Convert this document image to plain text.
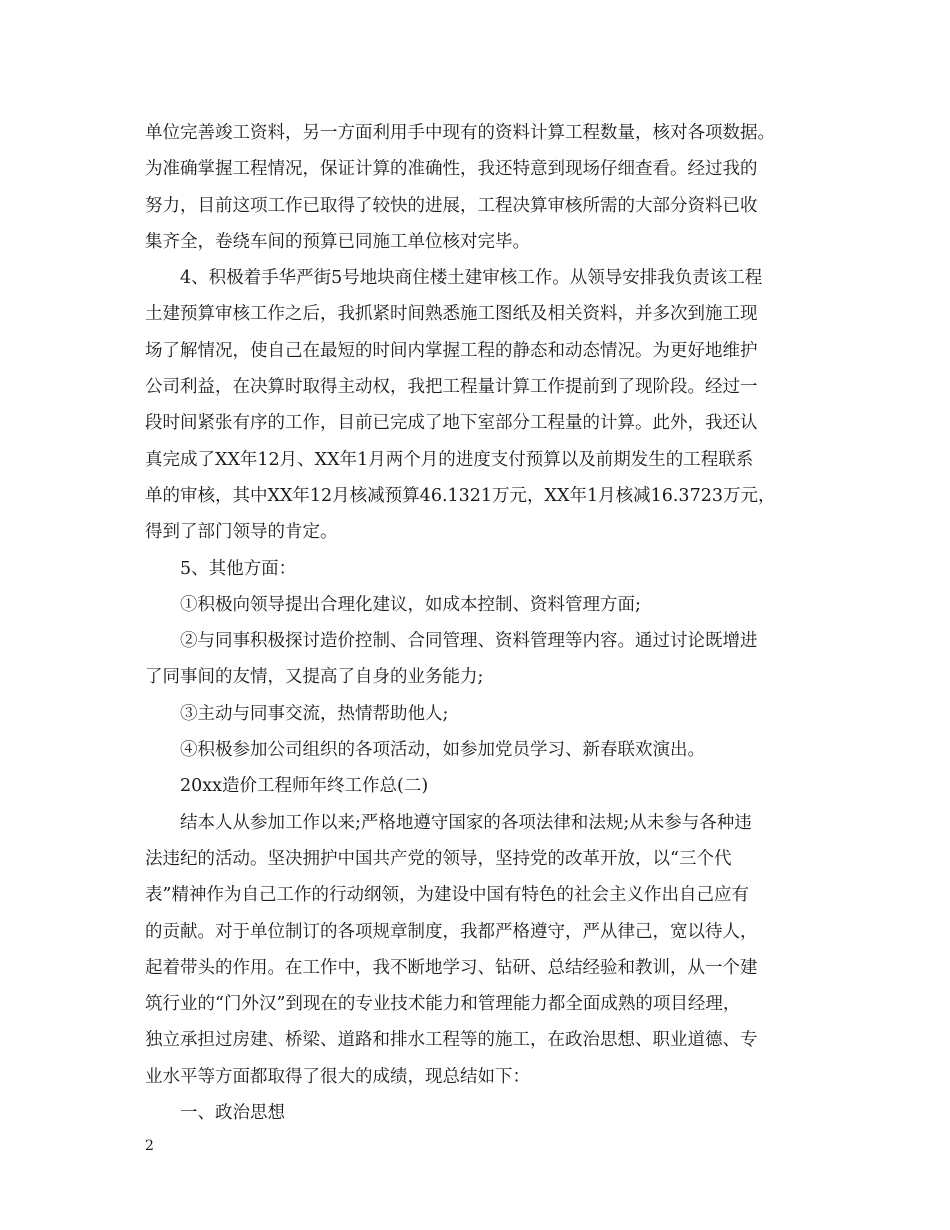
单位完善竣工资料，另一方面利用手中现有的资料计算工程数量，核对各项数据。
为准确掌握工程情况，保证计算的准确性，我还特意到现场仔细查看。经过我的
努力，目前这项工作已取得了较快的进展，工程决算审核所需的大部分资料已收
集齐全，卷绕车间的预算已同施工单位核对完毕。
4、积极着手华严街5号地块商住楼土建审核工作。从领导安排我负责该工程
土建预算审核工作之后，我抓紧时间熟悉施工图纸及相关资料，并多次到施工现
场了解情况，使自己在最短的时间内掌握工程的静态和动态情况。为更好地维护
公司利益，在决算时取得主动权，我把工程量计算工作提前到了现阶段。经过一
段时间紧张有序的工作，目前已完成了地下室部分工程量的计算。此外，我还认
真完成了XX年12月、XX年1月两个月的进度支付预算以及前期发生的工程联系
单的审核，其中XX年12月核减预算46.1321万元，XX年1月核减16.3723万元，
得到了部门领导的肯定。
5、其他方面：
①积极向领导提出合理化建议，如成本控制、资料管理方面;
②与同事积极探讨造价控制、合同管理、资料管理等内容。通过讨论既增进
了同事间的友情，又提高了自身的业务能力;
③主动与同事交流，热情帮助他人;
④积极参加公司组织的各项活动，如参加党员学习、新春联欢演出。
20xx造价工程师年终工作总(二)
结本人从参加工作以来;严格地遵守国家的各项法律和法规;从未参与各种违
法违纪的活动。坚决拥护中国共产党的领导，坚持党的改革开放，以“三个代
表”精神作为自己工作的行动纲领，为建设中国有特色的社会主义作出自己应有
的贡献。对于单位制订的各项规章制度，我都严格遵守，严从律己，宽以待人，
起着带头的作用。在工作中，我不断地学习、钻研、总结经验和教训，从一个建
筑行业的“门外汉”到现在的专业技术能力和管理能力都全面成熟的项目经理，
独立承担过房建、桥梁、道路和排水工程等的施工，在政治思想、职业道德、专
业水平等方面都取得了很大的成绩，现总结如下：
一、政治思想
2
